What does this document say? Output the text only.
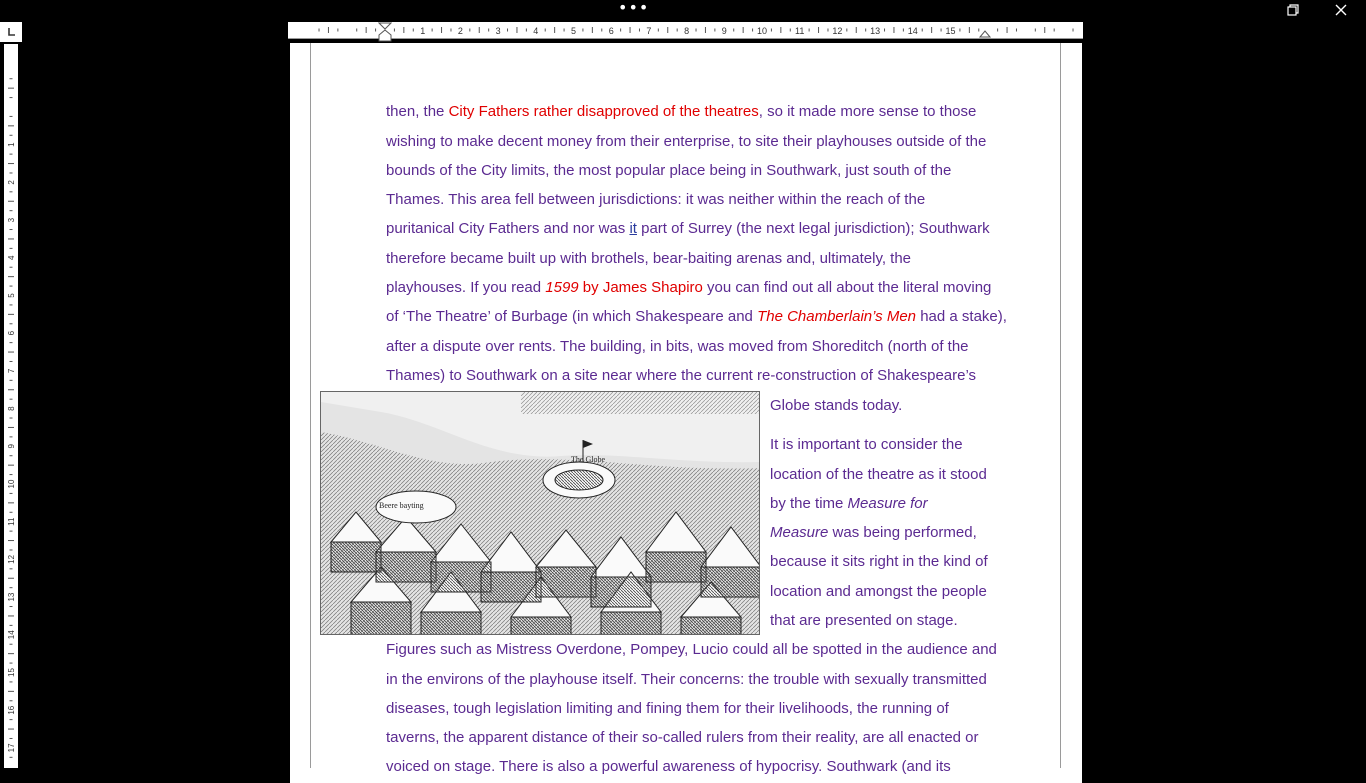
•••
1	2	3	4	5	6	7	8	9	10	11	12	13	14	15
1
2
3
4
5
6
7
8
9
10
11
12
13
14
15
16
17
The Globe
Beere bayting
then, the City Fathers rather disapproved of the theatres, so it made more sense to those
wishing to make decent money from their enterprise, to site their playhouses outside of the
bounds of the City limits, the most popular place being in Southwark, just south of the
Thames. This area fell between jurisdictions: it was neither within the reach of the
puritanical City Fathers and nor was it part of Surrey (the next legal jurisdiction); Southwark
therefore became built up with brothels, bear-baiting arenas and, ultimately, the
playhouses. If you read 1599 by James Shapiro you can find out all about the literal moving
of ‘The Theatre’ of Burbage (in which Shakespeare and The Chamberlain’s Men had a stake),
after a dispute over rents. The building, in bits, was moved from Shoreditch (north of the
Thames) to Southwark on a site near where the current re-construction of Shakespeare’s
Globe stands today.
It is important to consider the
location of the theatre as it stood
by the time Measure for
Measure was being performed,
because it sits right in the kind of
location and amongst the people
that are presented on stage.
Figures such as Mistress Overdone, Pompey, Lucio could all be spotted in the audience and
in the environs of the playhouse itself. Their concerns: the trouble with sexually transmitted
diseases, tough legislation limiting and fining them for their livelihoods, the running of
taverns, the apparent distance of their so-called rulers from their reality, are all enacted or
voiced on stage. There is also a powerful awareness of hypocrisy. Southwark (and its
